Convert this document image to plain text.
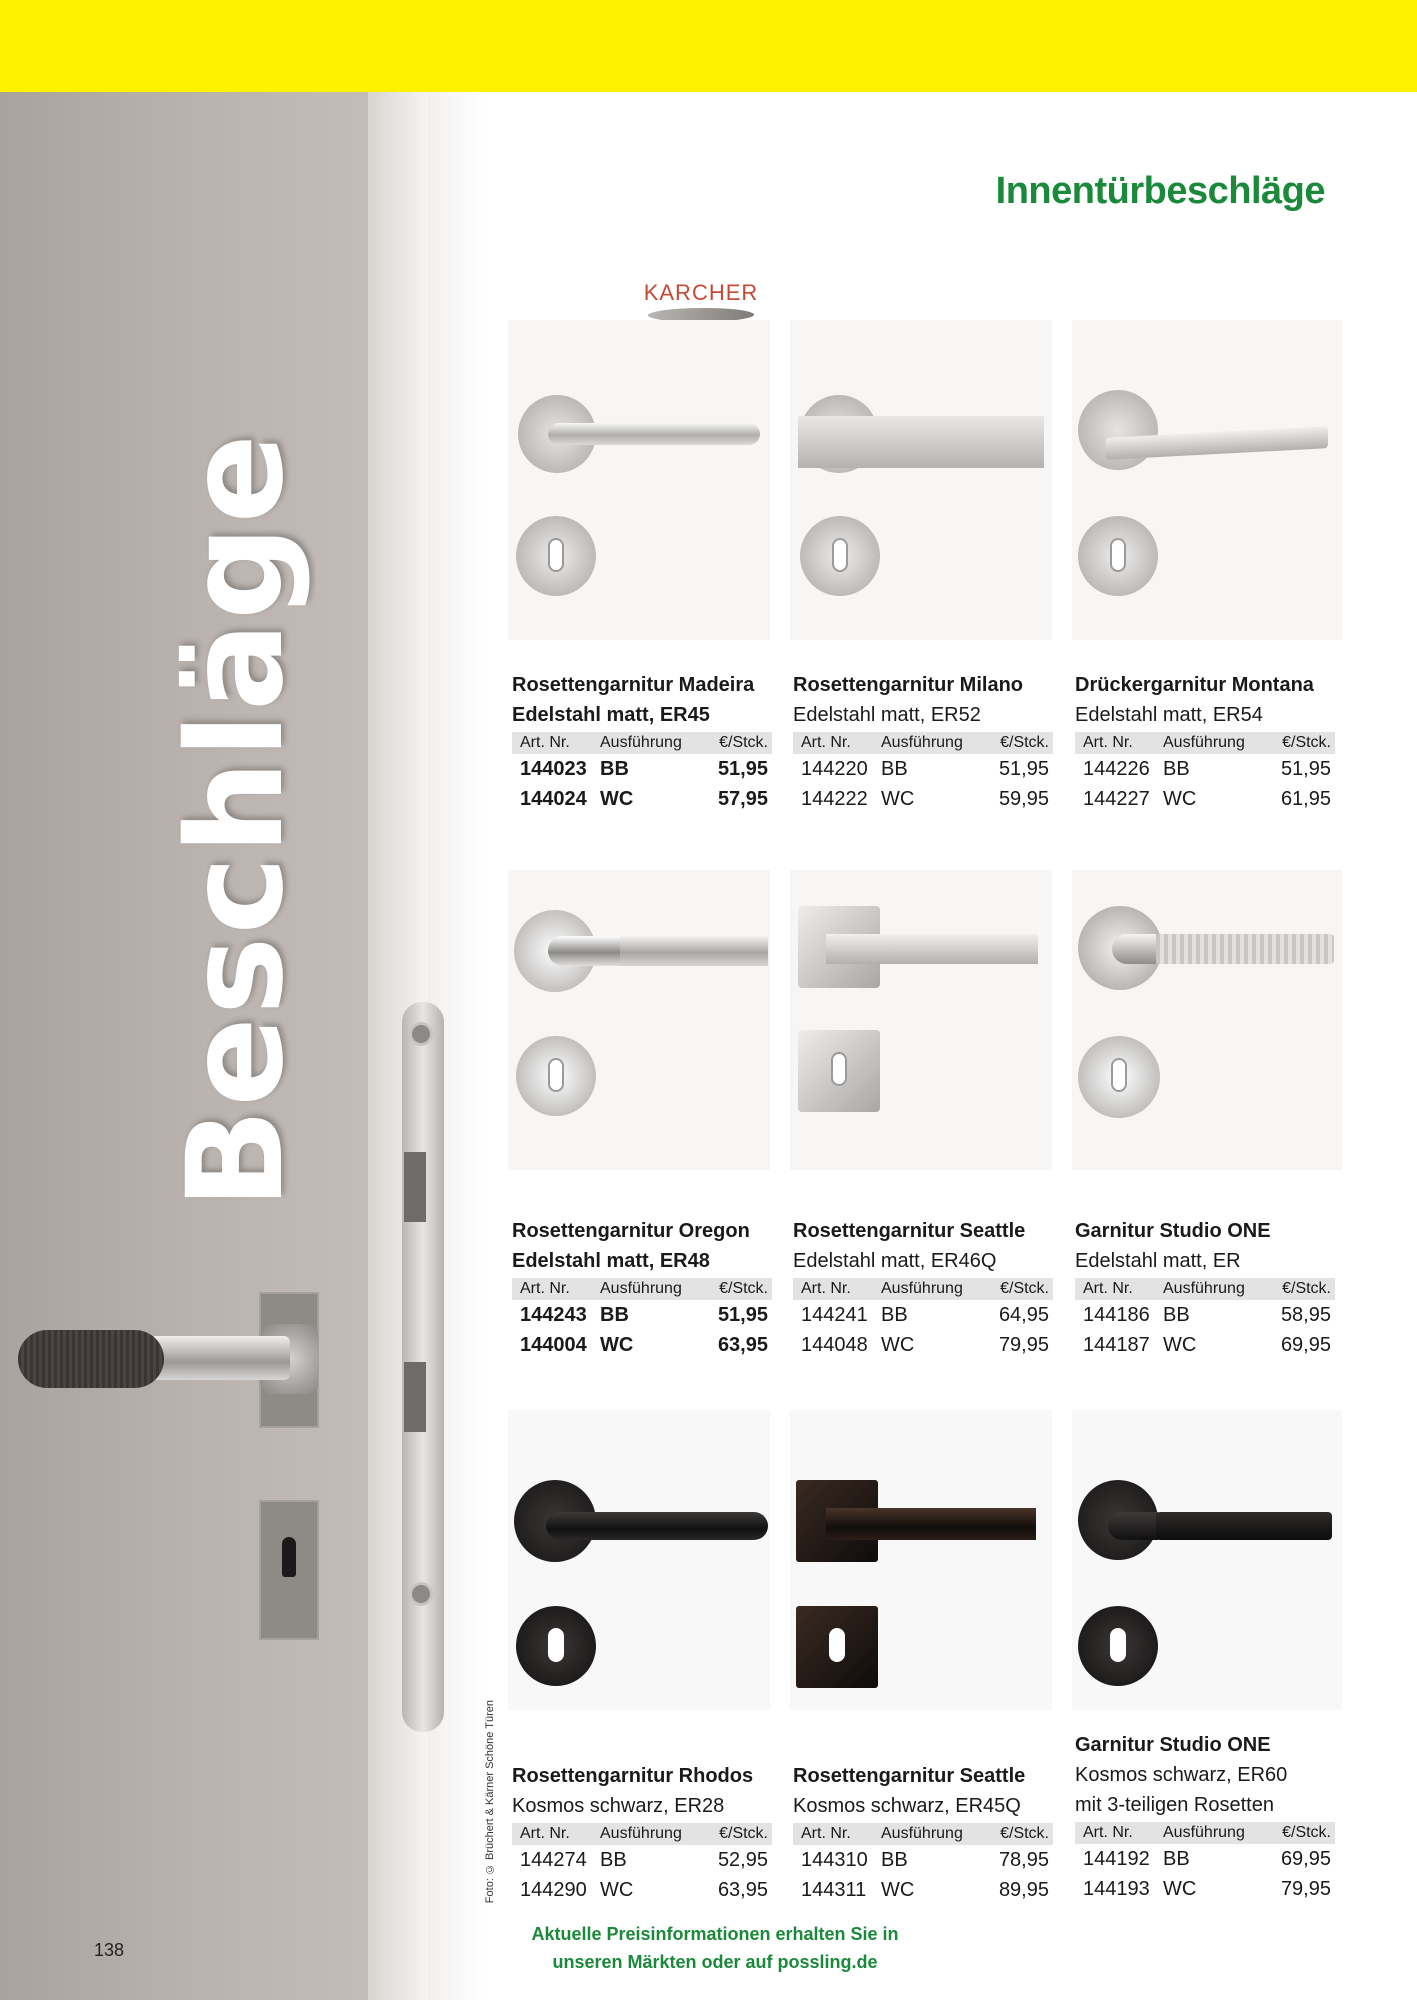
Beschläge
Foto: © Brüchert & Kärner Schöne Türen
138
Innentürbeschläge
KARCHER
Rosettengarnitur Madeira
Edelstahl matt, ER45
Art. Nr.	Ausführung	€/Stck.
144023 BB	51,95
144024 WC	57,95
Rosettengarnitur Milano
Edelstahl matt, ER52
Art. Nr.	Ausführung	€/Stck.
144220 BB	51,95
144222 WC	59,95
Drückergarnitur Montana
Edelstahl matt, ER54
Art. Nr.	Ausführung	€/Stck.
144226 BB	51,95
144227 WC	61,95
Rosettengarnitur Oregon
Edelstahl matt, ER48
Art. Nr.	Ausführung	€/Stck.
144243 BB	51,95
144004 WC	63,95
Rosettengarnitur Seattle
Edelstahl matt, ER46Q
Art. Nr.	Ausführung	€/Stck.
144241 BB	64,95
144048 WC	79,95
Garnitur Studio ONE
Edelstahl matt, ER
Art. Nr.	Ausführung	€/Stck.
144186 BB	58,95
144187 WC	69,95
Rosettengarnitur Rhodos
Kosmos schwarz, ER28
Art. Nr.	Ausführung	€/Stck.
144274 BB	52,95
144290 WC	63,95
Rosettengarnitur Seattle
Kosmos schwarz, ER45Q
Art. Nr.	Ausführung	€/Stck.
144310 BB	78,95
144311 WC	89,95
Garnitur Studio ONE
Kosmos schwarz, ER60
mit 3-teiligen Rosetten
Art. Nr.	Ausführung	€/Stck.
144192 BB	69,95
144193 WC	79,95
Aktuelle Preisinformationen erhalten Sie in
unseren Märkten oder auf possling.de
